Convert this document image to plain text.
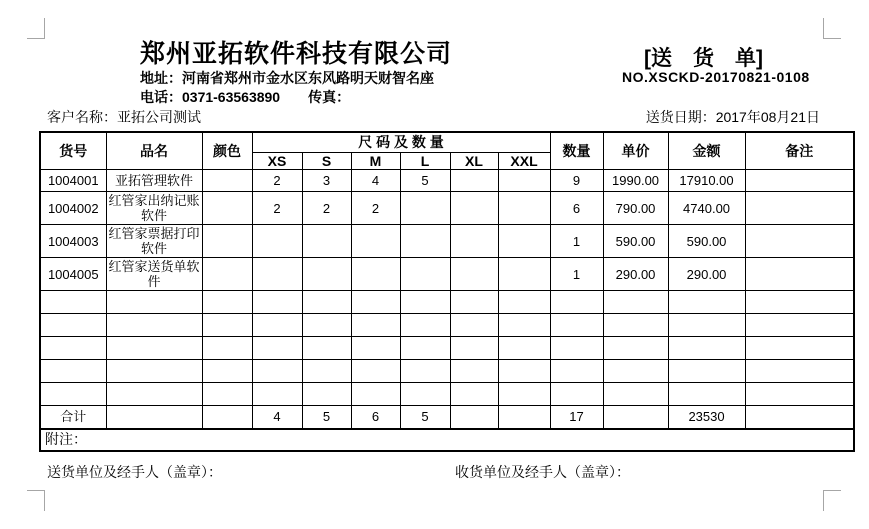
郑州亚拓软件科技有限公司
地址：河南省郑州市金水区东风路明天财智名座
电话：0371-63563890　　传真：
[送　货　单]
NO.XSCKD-20170821-0108
客户名称：亚拓公司测试	送货日期：2017年08月21日
货号	品名	颜色	尺 码 及 数 量						数量	单价	金额	备注
			XS	S	M	L	XL	XXL				
1004001	亚拓管理软件		2	3	4	5			9	1990.00	17910.00	
1004002	红管家出纳记账软件		2	2	2				6	790.00	4740.00	
1004003	红管家票据打印软件								1	590.00	590.00	
1004005	红管家送货单软件								1	290.00	290.00	

合计			4	5	6	5			17		23530	
附注：												
送货单位及经手人（盖章）：	收货单位及经手人（盖章）：
